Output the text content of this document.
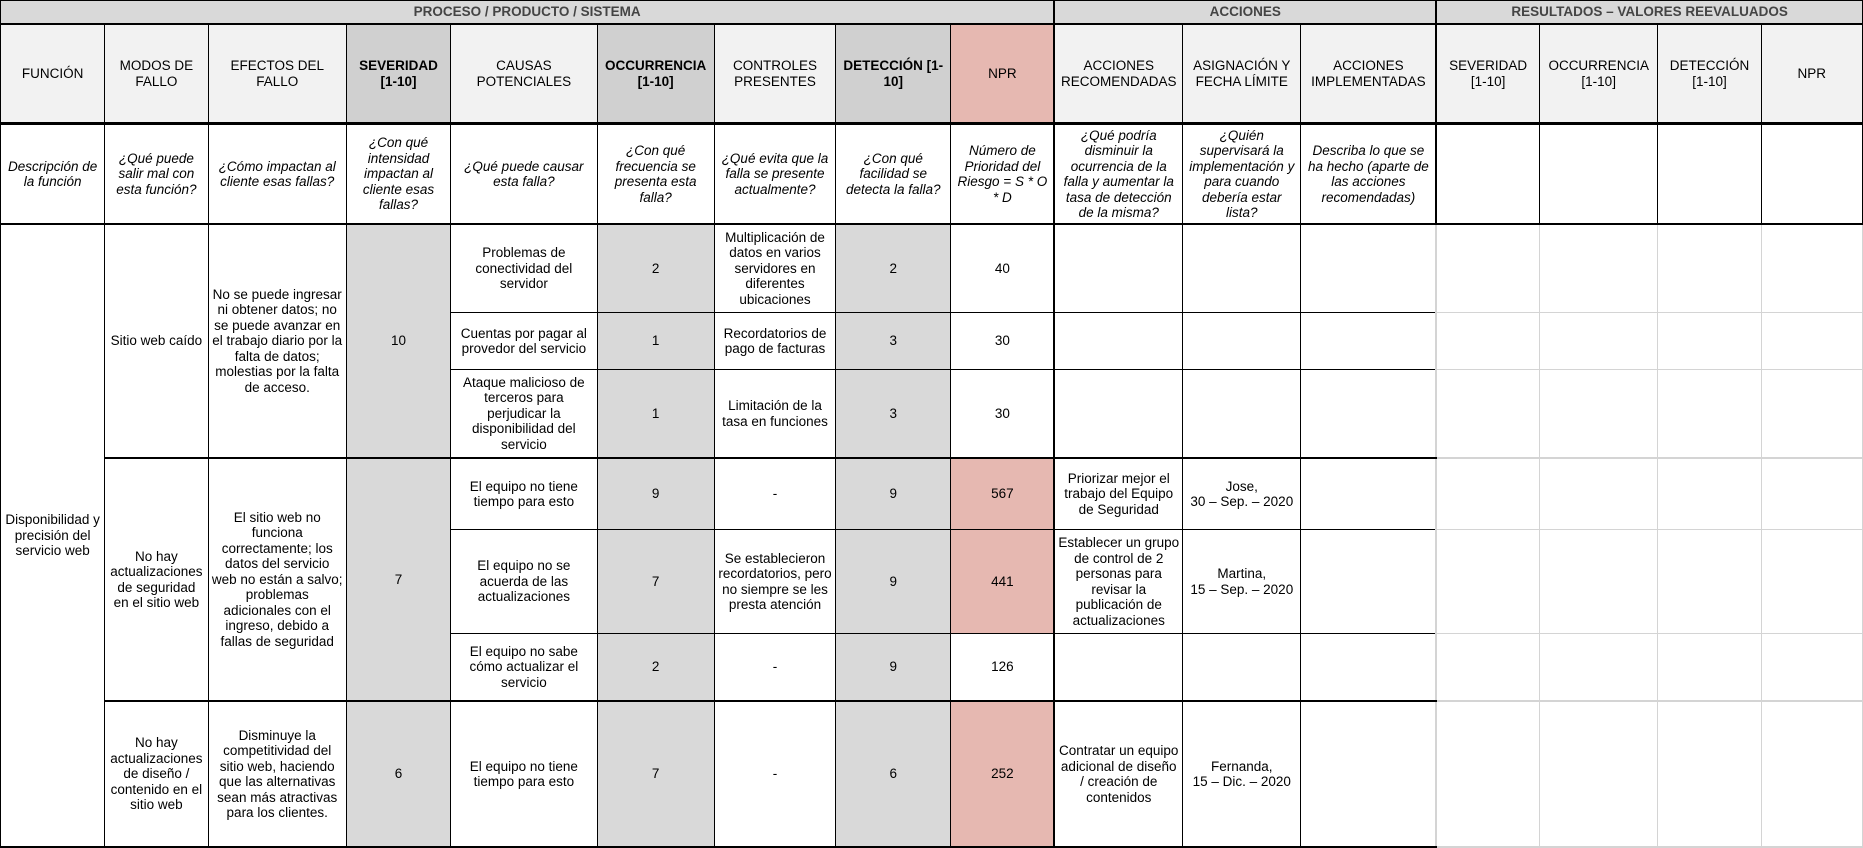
PROCESO / PRODUCTO / SISTEMA									ACCIONES			RESULTADOS – VALORES REEVALUADOS			
FUNCIÓN	MODOS DE FALLO	EFECTOS DEL FALLO	SEVERIDAD [1-10]	CAUSAS POTENCIALES	OCCURRENCIA [1-10]	CONTROLES PRESENTES	DETECCIÓN [1-10]	NPR	ACCIONES RECOMENDADAS	ASIGNACIÓN Y FECHA LÍMITE	ACCIONES IMPLEMENTADAS	SEVERIDAD [1-10]	OCCURRENCIA [1-10]	DETECCIÓN [1-10]	NPR
Descripción de la función	¿Qué puede salir mal con esta función?	¿Cómo impactan al cliente esas fallas?	¿Con qué intensidad impactan al cliente esas fallas?	¿Qué puede causar esta falla?	¿Con qué frecuencia se presenta esta falla?	¿Qué evita que la falla se presente actualmente?	¿Con qué facilidad se detecta la falla?	Número de Prioridad del Riesgo = S * O * D	¿Qué podría disminuir la ocurrencia de la falla y aumentar la tasa de detección de la misma?	¿Quién supervisará la implementación y para cuando debería estar lista?	Describa lo que se ha hecho (aparte de las acciones recomendadas)				
Disponibilidad y precisión del servicio web	Sitio web caído	No se puede ingresar ni obtener datos; no se puede avanzar en el trabajo diario por la falta de datos; molestias por la falta de acceso.	10	Problemas de conectividad del servidor	2	Multiplicación de datos en varios servidores en diferentes ubicaciones	2	40							
				Cuentas por pagar al provedor del servicio	1	Recordatorios de pago de facturas	3	30							
				Ataque malicioso de terceros para perjudicar la disponibilidad del servicio	1	Limitación de la tasa en funciones	3	30							
	No hay actualizaciones de seguridad en el sitio web	El sitio web no funciona correctamente; los datos del servicio web no están a salvo; problemas adicionales con el ingreso, debido a fallas de seguridad	7	El equipo no tiene tiempo para esto	9	-	9	567	Priorizar mejor el trabajo del Equipo de Seguridad	Jose,
30 – Sep. – 2020					
				El equipo no se acuerda de las actualizaciones	7	Se establecieron recordatorios, pero no siempre se les presta atención	9	441	Establecer un grupo de control de 2 personas para revisar la publicación de actualizaciones	Martina,
15 – Sep. – 2020					
				El equipo no sabe cómo actualizar el servicio	2	-	9	126							
	No hay actualizaciones de diseño / contenido en el sitio web	Disminuye la competitividad del sitio web, haciendo que las alternativas sean más atractivas para los clientes.	6	El equipo no tiene tiempo para esto	7	-	6	252	Contratar un equipo adicional de diseño / creación de contenidos	Fernanda,
15 – Dic. – 2020					
